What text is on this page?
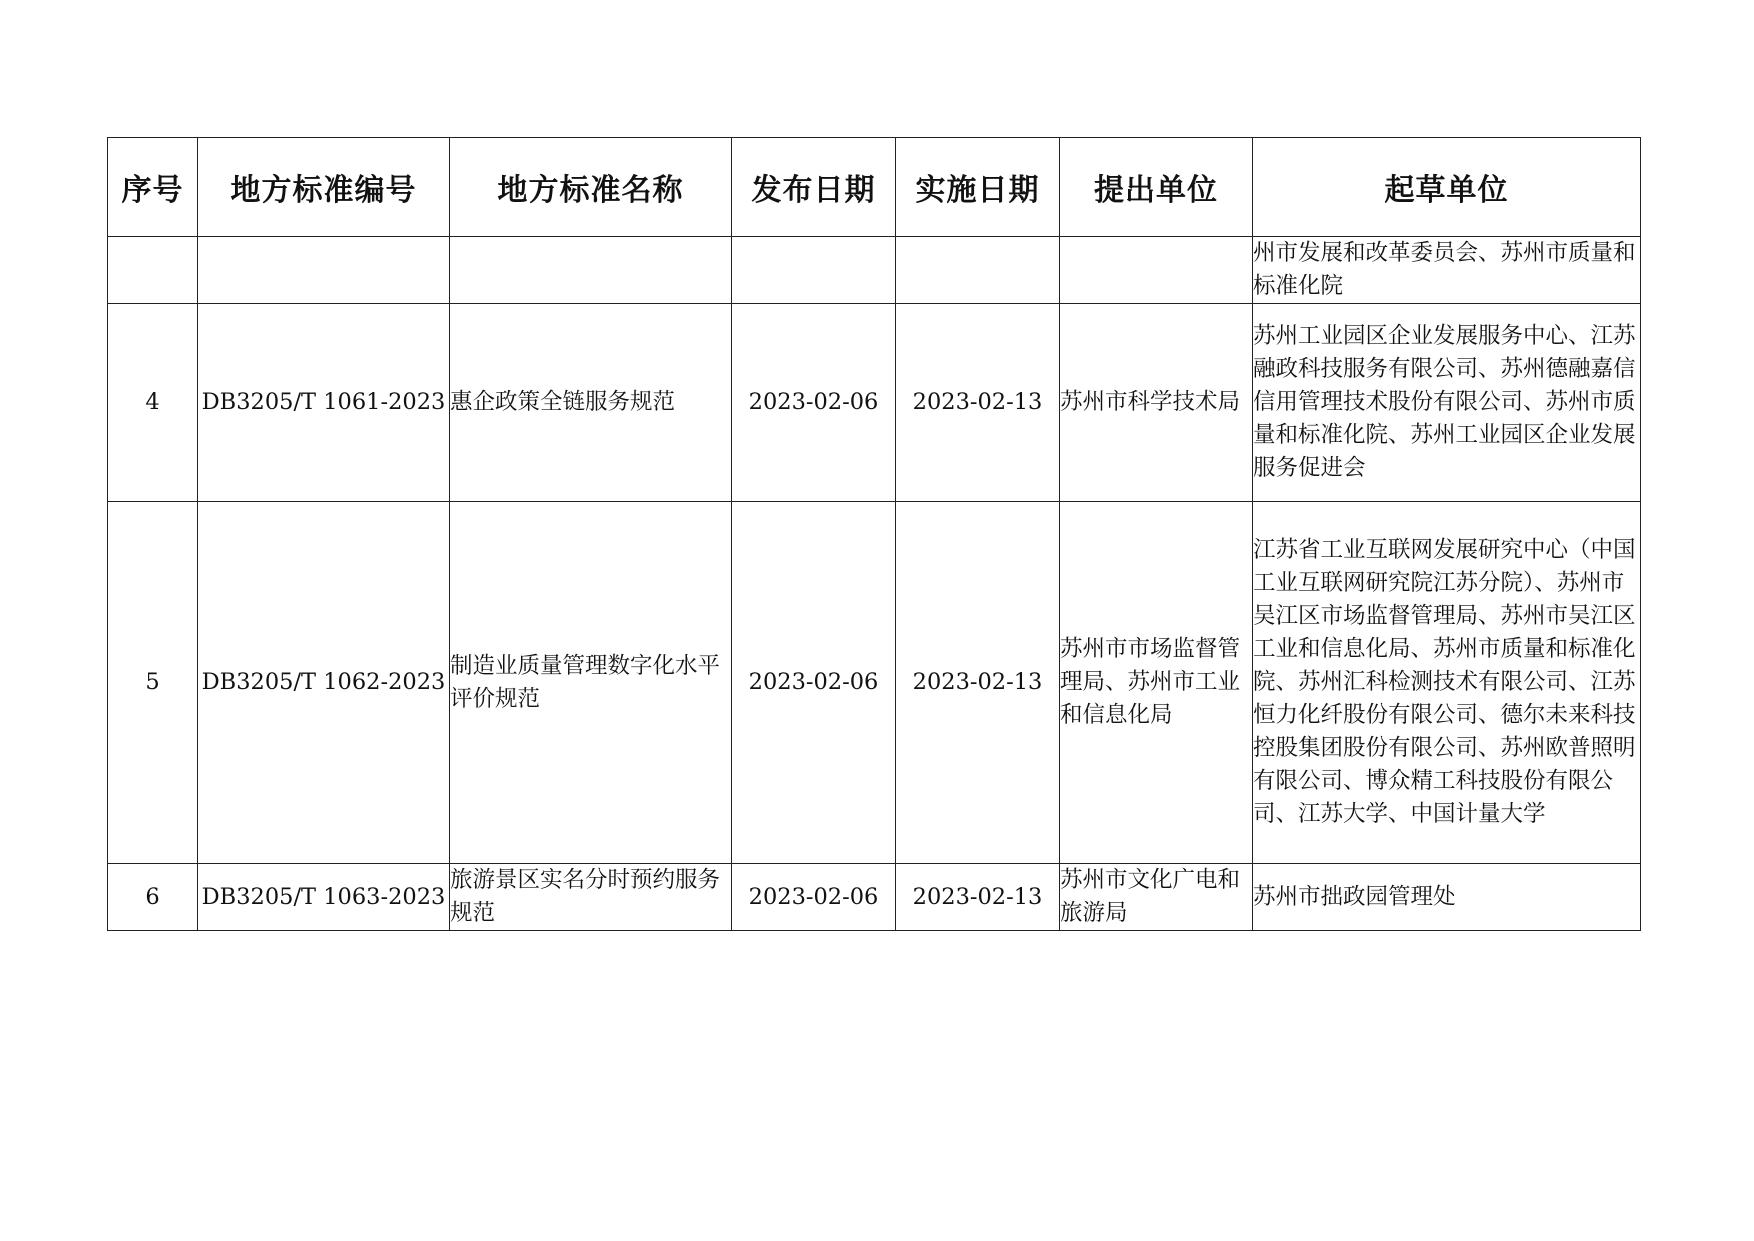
序号	地方标准编号	地方标准名称	发布日期	实施日期	提出单位	起草单位
						州市发展和改革委员会、苏州市质量和标准化院
4	DB3205/T 1061-2023	惠企政策全链服务规范	2023-02-06	2023-02-13	苏州市科学技术局	苏州工业园区企业发展服务中心、江苏融政科技服务有限公司、苏州德融嘉信信用管理技术股份有限公司、苏州市质量和标准化院、苏州工业园区企业发展服务促进会
5	DB3205/T 1062-2023	制造业质量管理数字化水平评价规范	2023-02-06	2023-02-13	苏州市市场监督管理局、苏州市工业和信息化局	江苏省工业互联网发展研究中心（中国工业互联网研究院江苏分院）、苏州市吴江区市场监督管理局、苏州市吴江区工业和信息化局、苏州市质量和标准化院、苏州汇科检测技术有限公司、江苏恒力化纤股份有限公司、德尔未来科技控股集团股份有限公司、苏州欧普照明有限公司、博众精工科技股份有限公司、江苏大学、中国计量大学
6	DB3205/T 1063-2023	旅游景区实名分时预约服务规范	2023-02-06	2023-02-13	苏州市文化广电和旅游局	苏州市拙政园管理处
